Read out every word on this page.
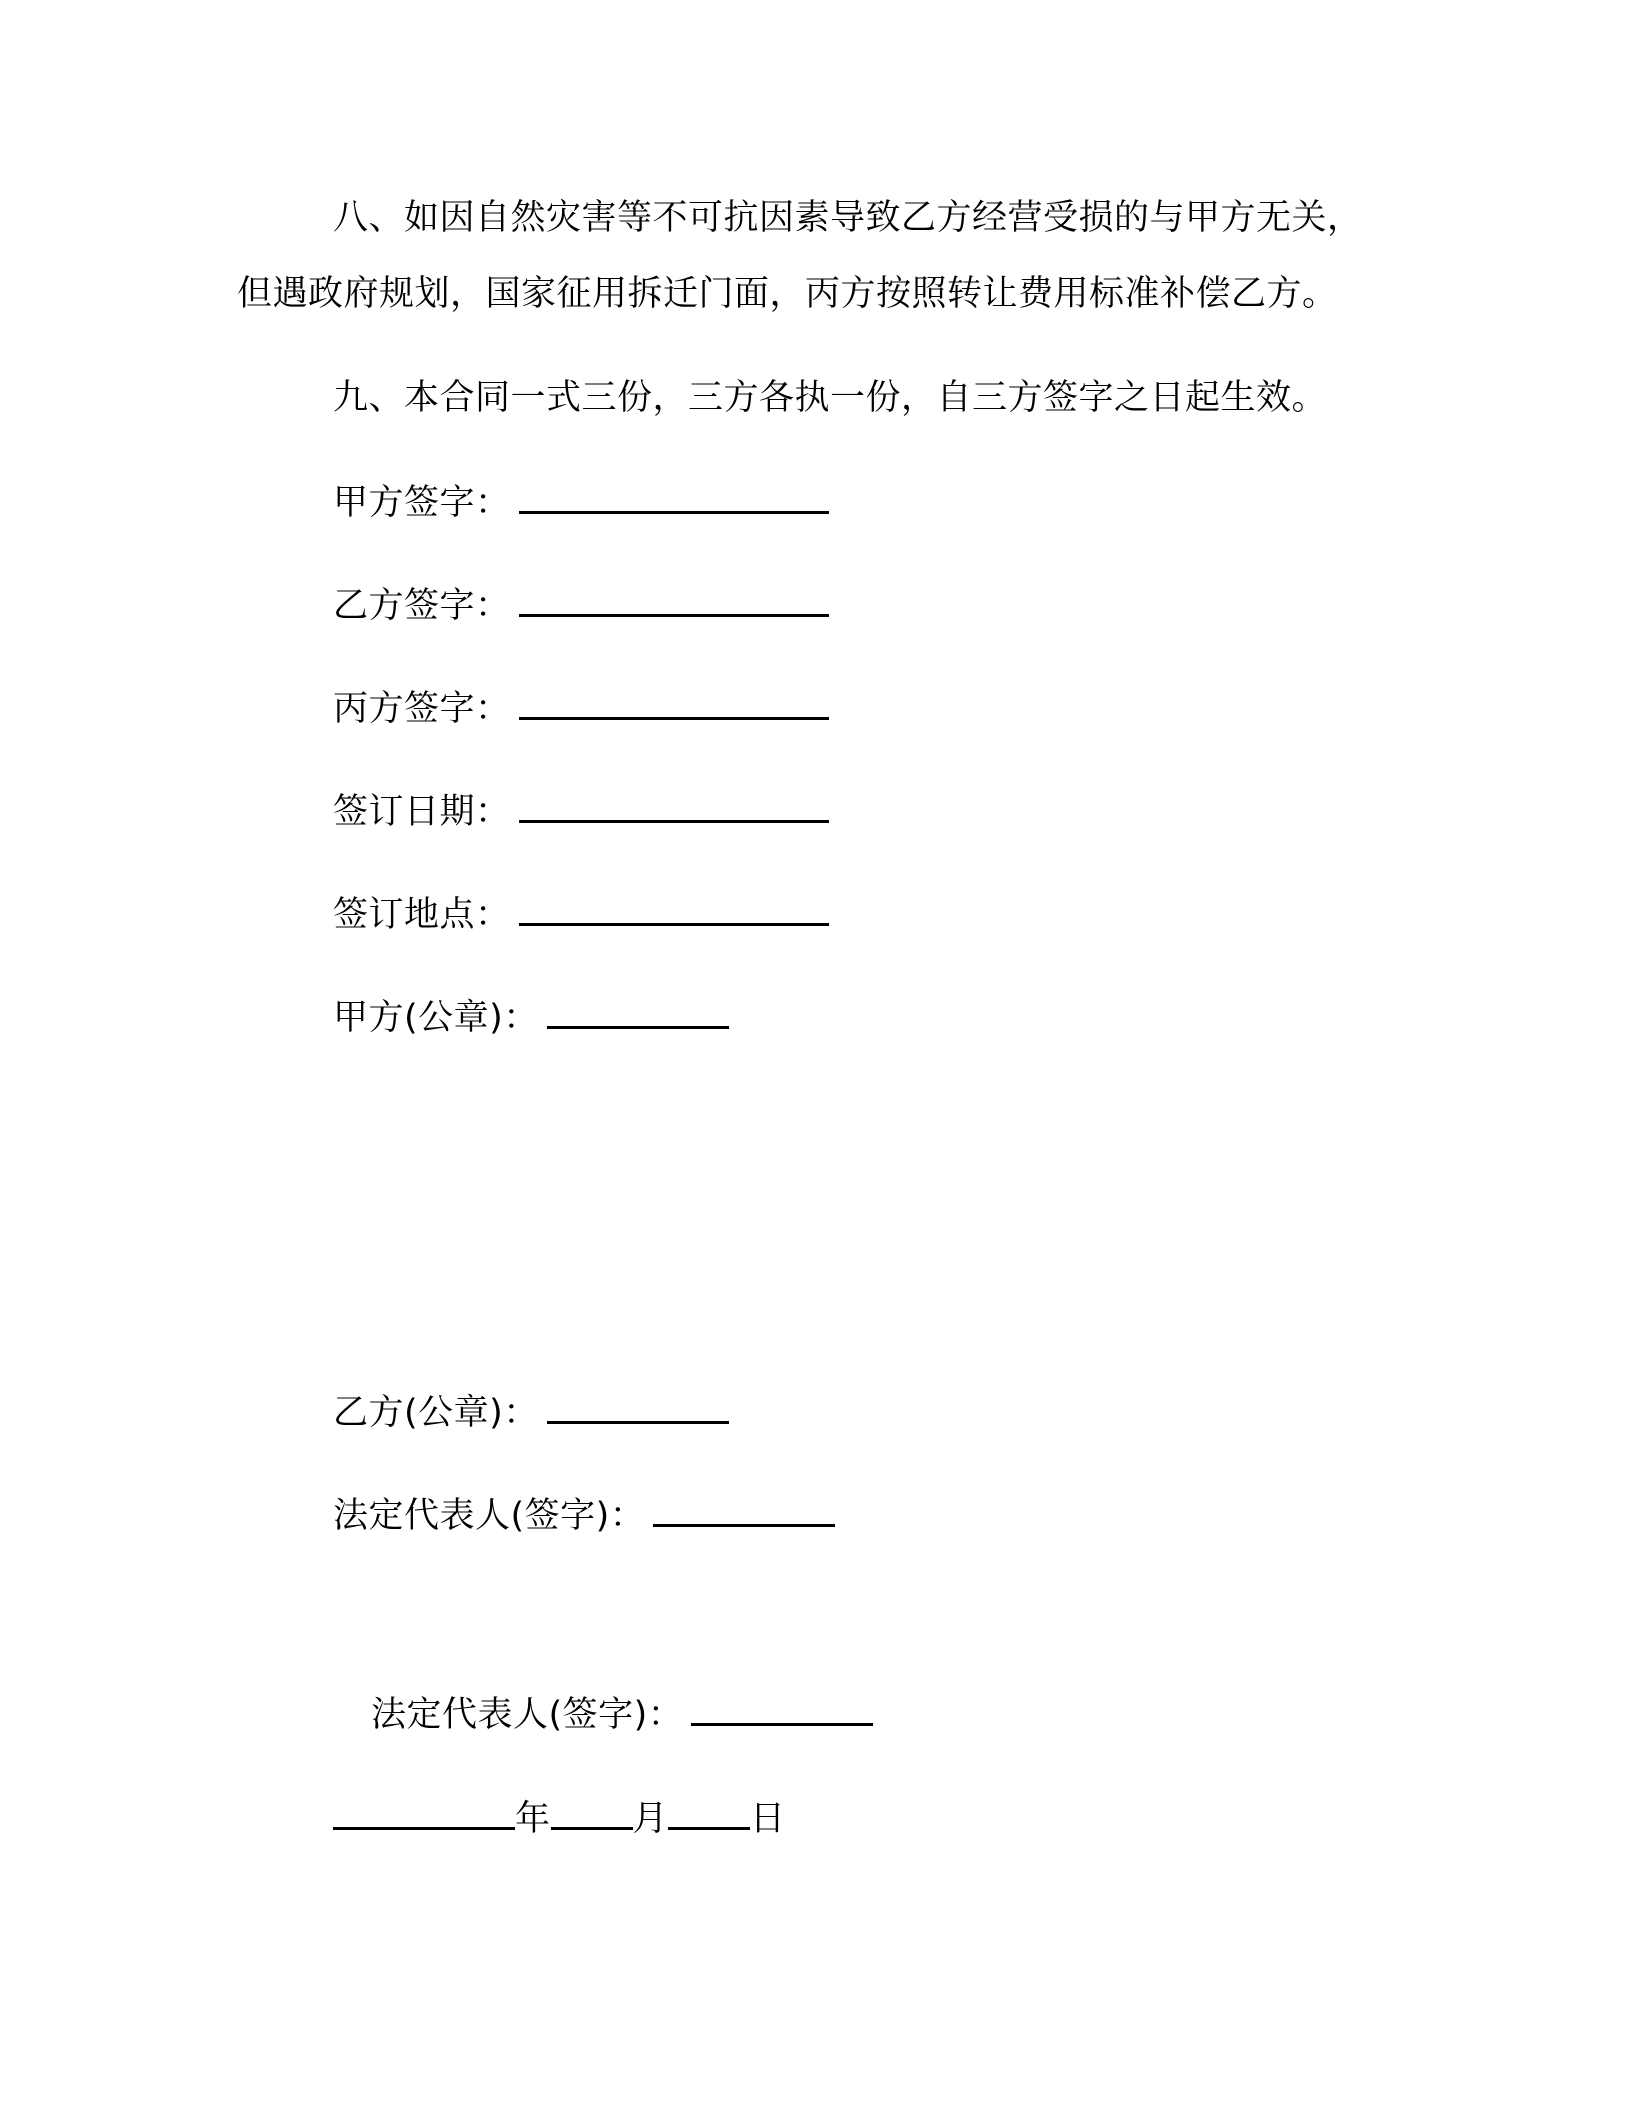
八、如因自然灾害等不可抗因素导致乙方经营受损的与甲方无关，
但遇政府规划，国家征用拆迁门面，丙方按照转让费用标准补偿乙方。
九、本合同一式三份，三方各执一份，自三方签字之日起生效。
甲方签字：
乙方签字：
丙方签字：
签订日期：
签订地点：
甲方(公章)：
乙方(公章)：
法定代表人(签字)：
法定代表人(签字)：
年 月 日
